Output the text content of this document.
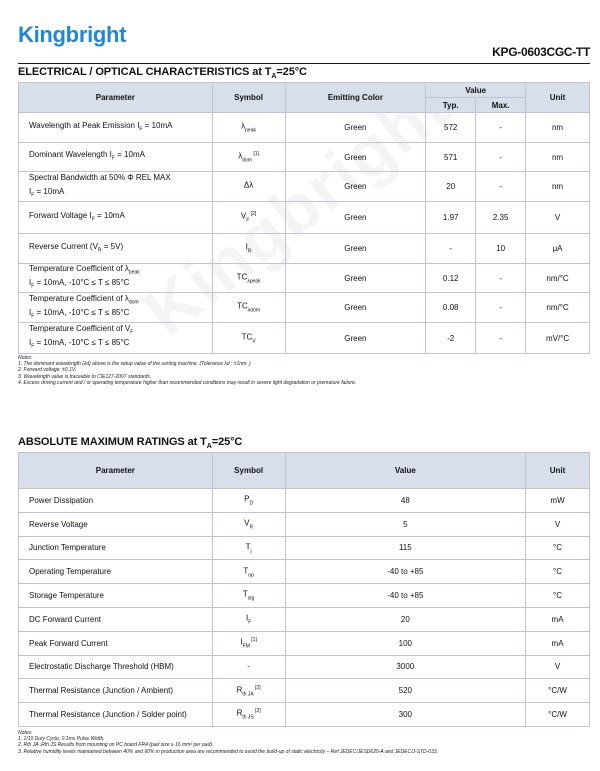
Kingbright
KPG-0603CGC-TT
ELECTRICAL / OPTICAL CHARACTERISTICS at $T_A=25^\circ C$
Parameter	Symbol	Emitting Color	Value		Unit
			Typ.	Max.	

Wavelength at Peak Emission $I_F = 10mA$	$\lambda_{peak}$	Green	572	-	nm

Dominant Wavelength $I_F = 10mA$	$\lambda_{dom}$ [1]	Green	571	-	nm

Spectral Bandwidth at 50% Φ REL MAX
$I_F = 10mA$	Δλ	Green	20	-	nm

Forward Voltage $I_F = 10mA$	$V_F$ [2]	Green	1.97	2.35	V

Reverse Current $(V_R = 5V)$	$I_R$	Green	-	10	μA

Temperature Coefficient of $\lambda_{peak}$
$I_F = 10mA$, -10°C ≤ T ≤ 85°C	$TC_{\lambda peak}$	Green	0.12	-	nm/°C

Temperature Coefficient of $\lambda_{dom}$
$I_F = 10mA$, -10°C ≤ T ≤ 85°C	$TC_{\lambda dom}$	Green	0.08	-	nm/°C

Temperature Coefficient of $V_F$
$I_F = 10mA$, -10°C ≤ T ≤ 85°C	$TC_V$	Green	-2	-	mV/°C
Notes:
1. The dominant wavelength (λd) above is the setup value of the sorting machine. (Tolerance λd : ±1nm. )
2. Forward voltage: ±0.1V.
3. Wavelength value is traceable to CIE127-2007 standards.
4. Excess driving current and / or operating temperature higher than recommended conditions may result in severe light degradation or premature failure.
ABSOLUTE MAXIMUM RATINGS at $T_A=25^\circ C$
Parameter	Symbol	Value	Unit
Power Dissipation	$P_D$	48	mW
Reverse Voltage	$V_R$	5	V
Junction Temperature	$T_j$	115	°C
Operating Temperature	$T_{op}$	-40 to +85	°C
Storage Temperature	$T_{stg}$	-40 to +85	°C
DC Forward Current	$I_F$	20	mA
Peak Forward Current	$I_{FM}$ [1]	100	mA
Electrostatic Discharge Threshold (HBM)	-	3000	V
Thermal Resistance (Junction / Ambient)	$R_{th JA}$ [2]	520	°C/W
Thermal Resistance (Junction / Solder point)	$R_{th JS}$ [2]	300	°C/W
Notes:
1. 1/10 Duty Cycle, 0.1ms Pulse Width.
2. Rth JA ,Rth JS Results from mounting on PC board FR4 (pad size ≥ 16 mm² per pad).
3. Relative humidity levels maintained between 40% and 60% in production area are recommended to avoid the build-up of static electricity – Ref JEDEC/JESD625-A and JEDEC/J-STD-033.
